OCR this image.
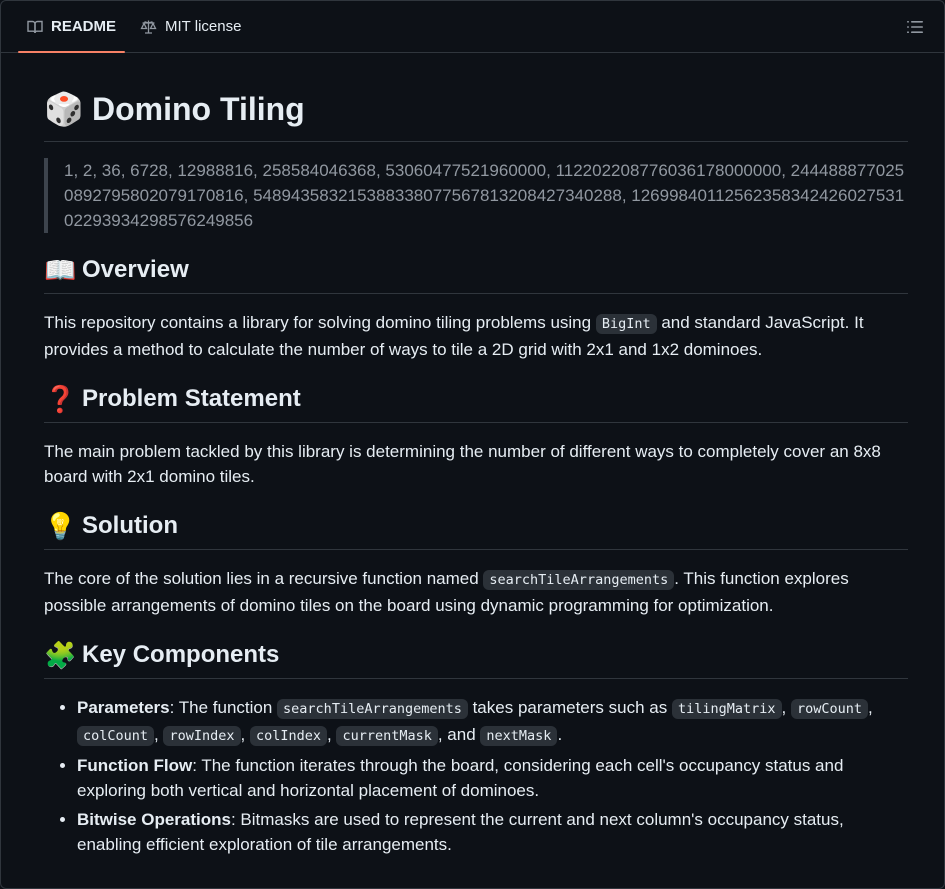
README	MIT license
🎲 Domino Tiling
1, 2, 36, 6728, 12988816, 258584046368, 53060477521960000, 112202208776036178000000, 2444888770250892795802079170816, 548943583215388338077567813208427340288, 1269984011256235834242602753102293934298576249856
📖 Overview

This repository contains a library for solving domino tiling problems using BigInt and standard JavaScript. It provides a method to calculate the number of ways to tile a 2D grid with 2x1 and 1x2 dominoes.

❓ Problem Statement

The main problem tackled by this library is determining the number of different ways to completely cover an 8x8 board with 2x1 domino tiles.

💡 Solution

The core of the solution lies in a recursive function named searchTileArrangements . This function explores possible arrangements of domino tiles on the board using dynamic programming for optimization.

🧩 Key Components
• Parameters: The function searchTileArrangements takes parameters such as tilingMatrix , rowCount , colCount , rowIndex , colIndex , currentMask , and nextMask .
• Function Flow: The function iterates through the board, considering each cell's occupancy status and exploring both vertical and horizontal placement of dominoes.
• Bitwise Operations: Bitmasks are used to represent the current and next column's occupancy status, enabling efficient exploration of tile arrangements.
